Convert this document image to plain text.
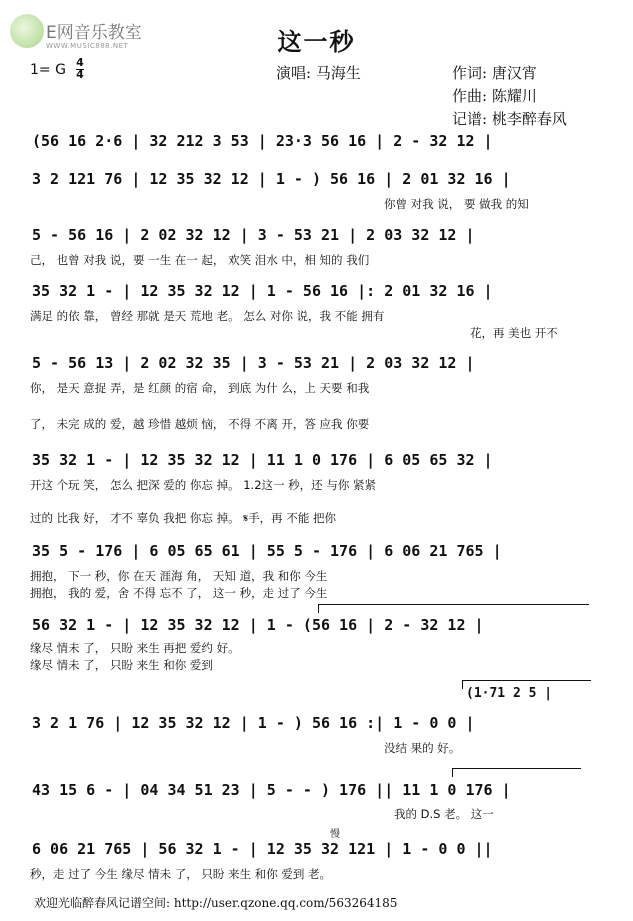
E网音乐教室
WWW.MUSIC888.NET	这一秒
1= G 4
4	演唱: 马海生	作词: 唐汉宵
作曲: 陈耀川
记谱: 桃李醉春风
(56 16 2·6 | 32 212 3 53 | 23·3 56 16 | 2 - 32 12 |
3 2 121 76 | 12 35 32 12 | 1 - ) 56 16 | 2 01 32 16 |
你曾 对我 说， 要 做我 的知
5 - 56 16 | 2 02 32 12 | 3 - 53 21 | 2 03 32 12 |
己， 也曾 对我 说，要 一生 在一 起， 欢笑 泪水 中，相 知的 我们
35 32 1 - | 12 35 32 12 | 1 - 56 16 |: 2 01 32 16 |
满足 的依 靠， 曾经 那就 是天 荒地 老。 怎么 对你 说，我 不能 拥有
花，再 美也 开不
5 - 56 13 | 2 02 32 35 | 3 - 53 21 | 2 03 32 12 |
你， 是天 意捉 弄，是 红颜 的宿 命， 到底 为什 么，上 天要 和我
了， 未完 成的 爱，越 珍惜 越烦 恼， 不得 不离 开，答 应我 你要
35 32 1 - | 12 35 32 12 | 11 1 0 176 | 6 05 65 32 |
开这 个玩 笑， 怎么 把深 爱的 你忘 掉。 1.2这一 秒，还 与你 紧紧
过的 比我 好， 才不 辜负 我把 你忘 掉。 𝄋手，再 不能 把你
35 5 - 176 | 6 05 65 61 | 55 5 - 176 | 6 06 21 765 |
拥抱， 下一 秒，你 在天 涯海 角， 天知 道，我 和你 今生
拥抱， 我的 爱，舍 不得 忘不 了， 这一 秒，走 过了 今生
56 32 1 - | 12 35 32 12 | 1 - (56 16 | 2 - 32 12 |
缘尽 情未 了， 只盼 来生 再把 爱约 好。
缘尽 情未 了， 只盼 来生 和你 爱到
(1·71 2 5 |
3 2 1 76 | 12 35 32 12 | 1 - ) 56 16 :| 1 - 0 0 |
没结 果的 好。
43 15 6 - | 04 34 51 23 | 5 - - ) 176 || 11 1 0 176 |
我的 D.S 老。 这一
慢
6 06 21 765 | 56 32 1 - | 12 35 32 121 | 1 - 0 0 ||
秒，走 过了 今生 缘尽 情未 了， 只盼 来生 和你 爱到 老。
欢迎光临醉春风记谱空间: http://user.qzone.qq.com/563264185
